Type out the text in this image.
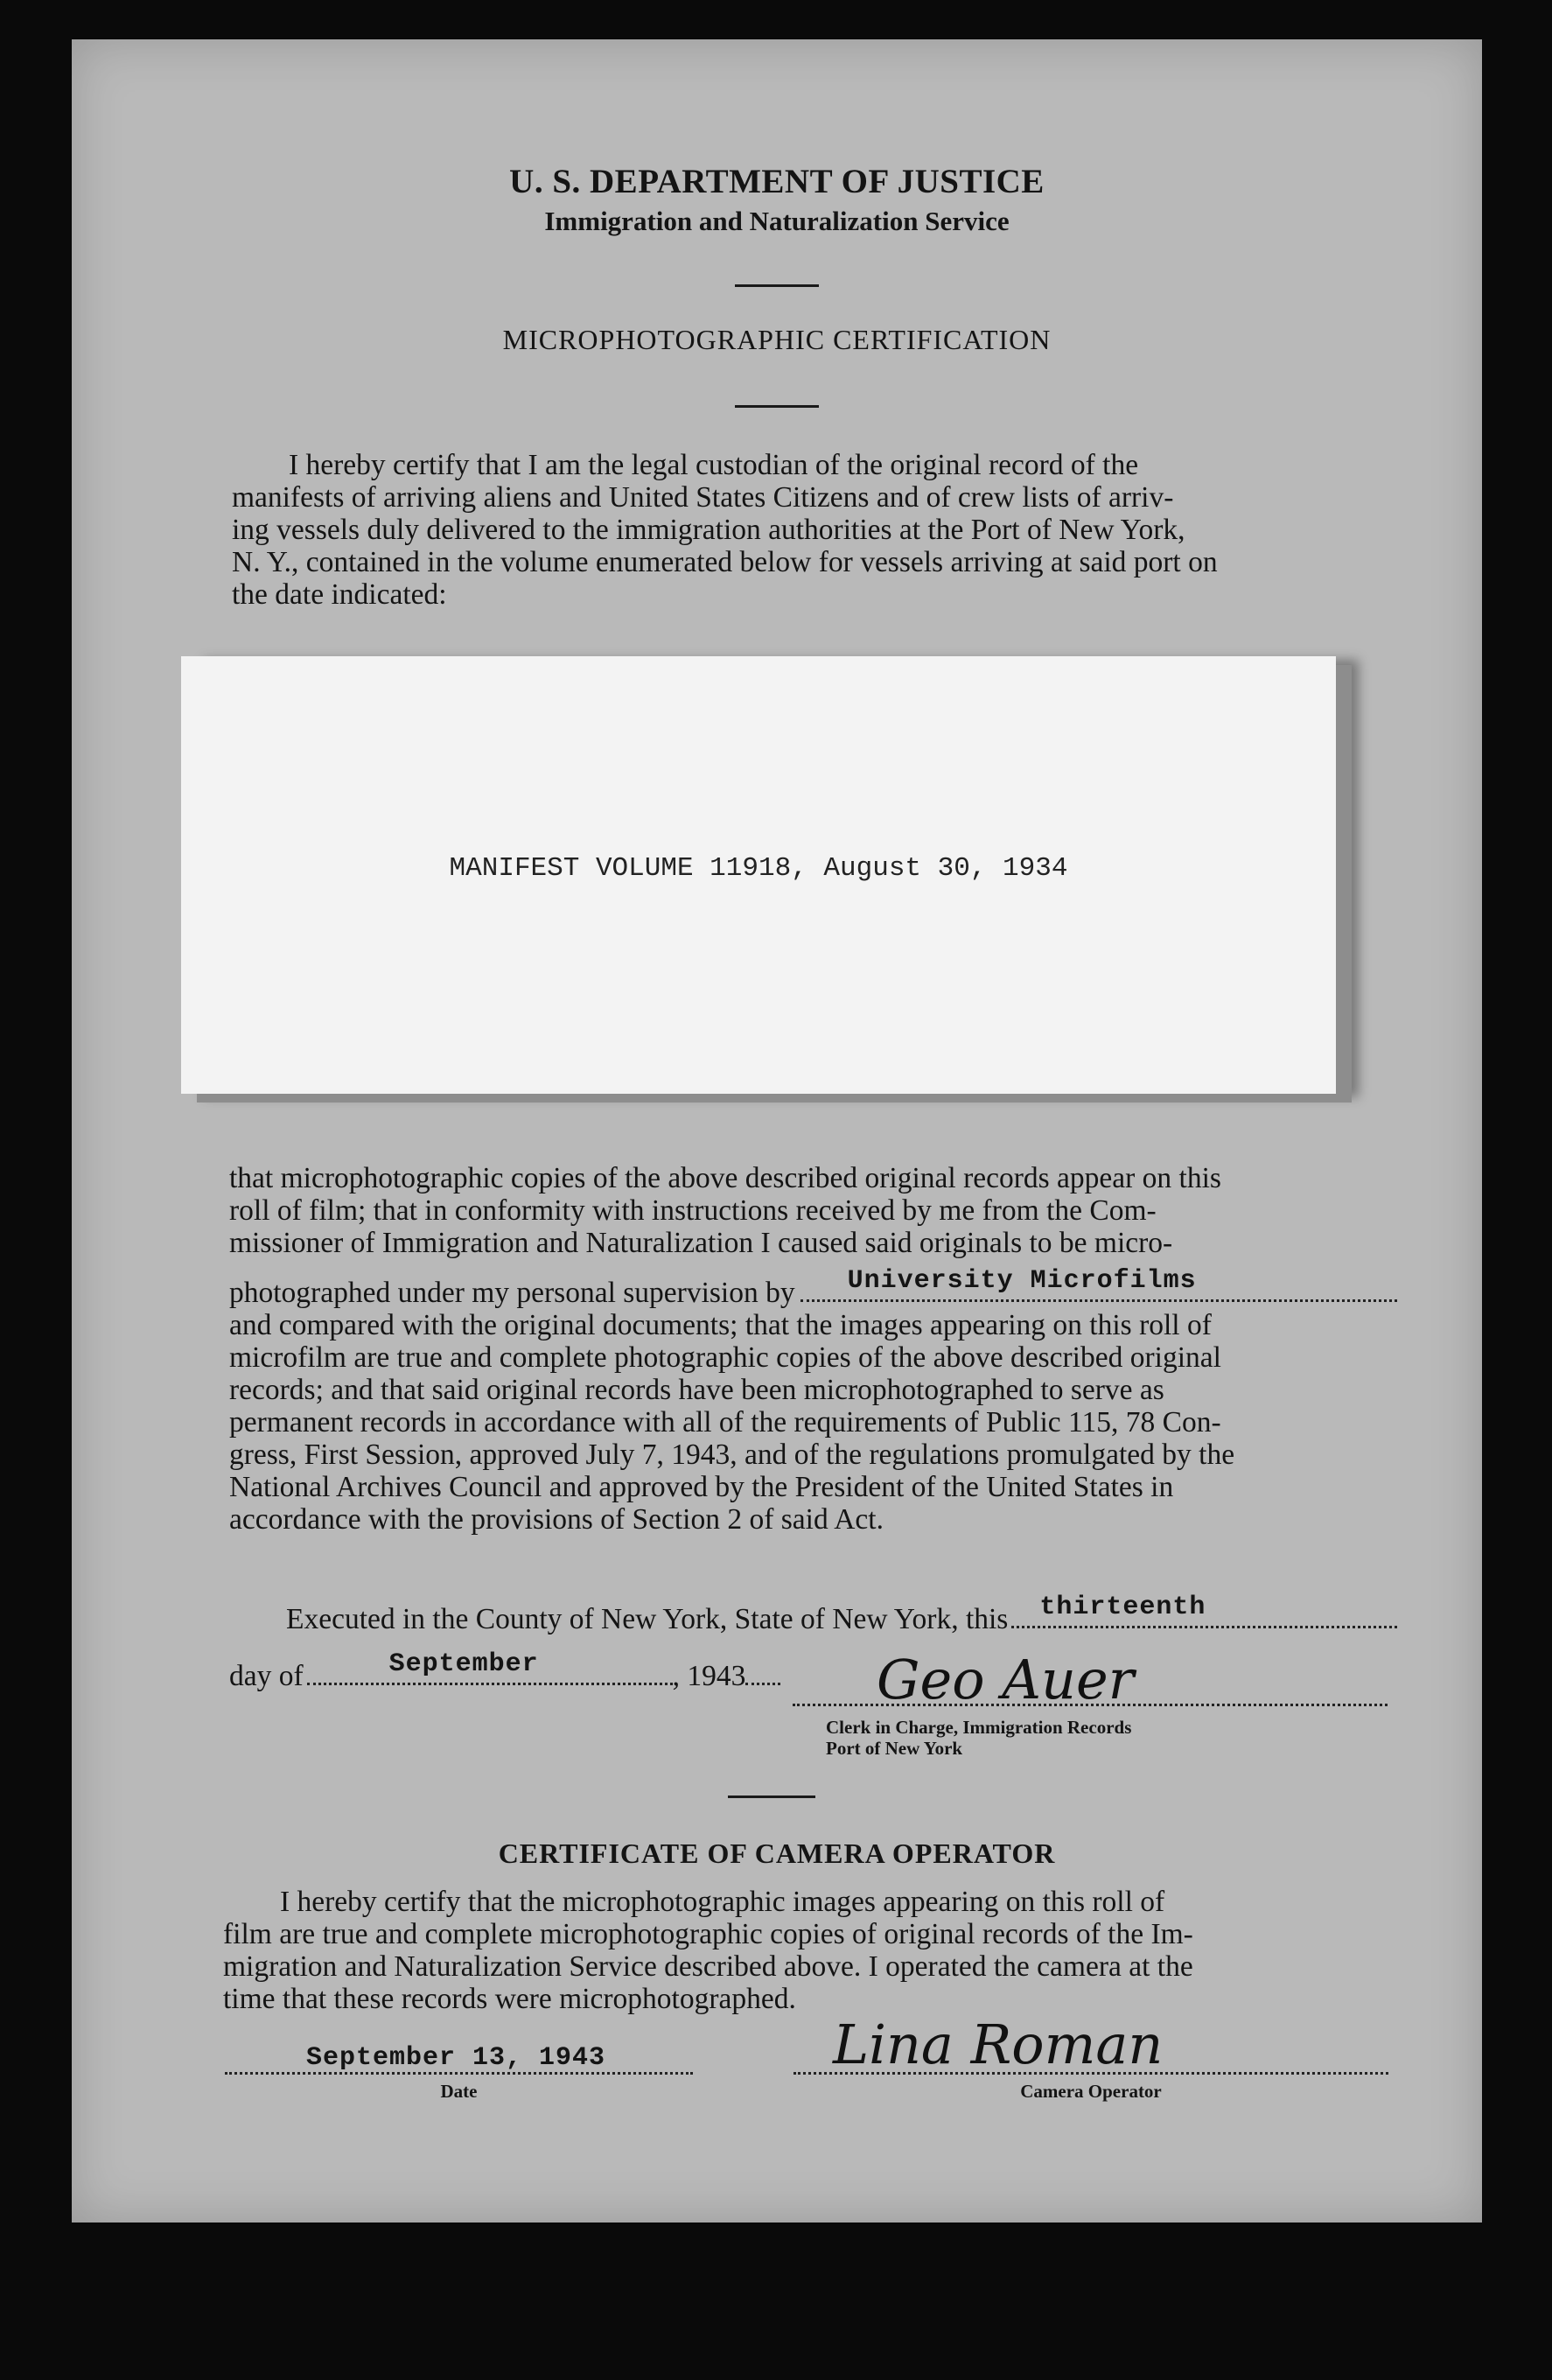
U. S. DEPARTMENT OF JUSTICE
Immigration and Naturalization Service
MICROPHOTOGRAPHIC CERTIFICATION
I hereby certify that I am the legal custodian of the original record of the
manifests of arriving aliens and United States Citizens and of crew lists of arriv-
ing vessels duly delivered to the immigration authorities at the Port of New York,
N. Y., contained in the volume enumerated below for vessels arriving at said port on
the date indicated:
MANIFEST VOLUME 11918, August 30, 1934
that microphotographic copies of the above described original records appear on this
roll of film; that in conformity with instructions received by me from the Com-
missioner of Immigration and Naturalization I caused said originals to be micro-
photographed under my personal supervision by University Microfilms
and compared with the original documents; that the images appearing on this roll of
microfilm are true and complete photographic copies of the above described original
records; and that said original records have been microphotographed to serve as
permanent records in accordance with all of the requirements of Public 115, 78 Con-
gress, First Session, approved July 7, 1943, and of the regulations promulgated by the
National Archives Council and approved by the President of the United States in
accordance with the provisions of Section 2 of said Act.
Executed in the County of New York, State of New York, this thirteenth
day of	September	, 1943 Geo Auer
Clerk in Charge, Immigration Records
Port of New York
CERTIFICATE OF CAMERA OPERATOR
I hereby certify that the microphotographic images appearing on this roll of
film are true and complete microphotographic copies of original records of the Im-
migration and Naturalization Service described above. I operated the camera at the
time that these records were microphotographed.
September 13, 1943
Date
Lina Roman
Camera Operator
